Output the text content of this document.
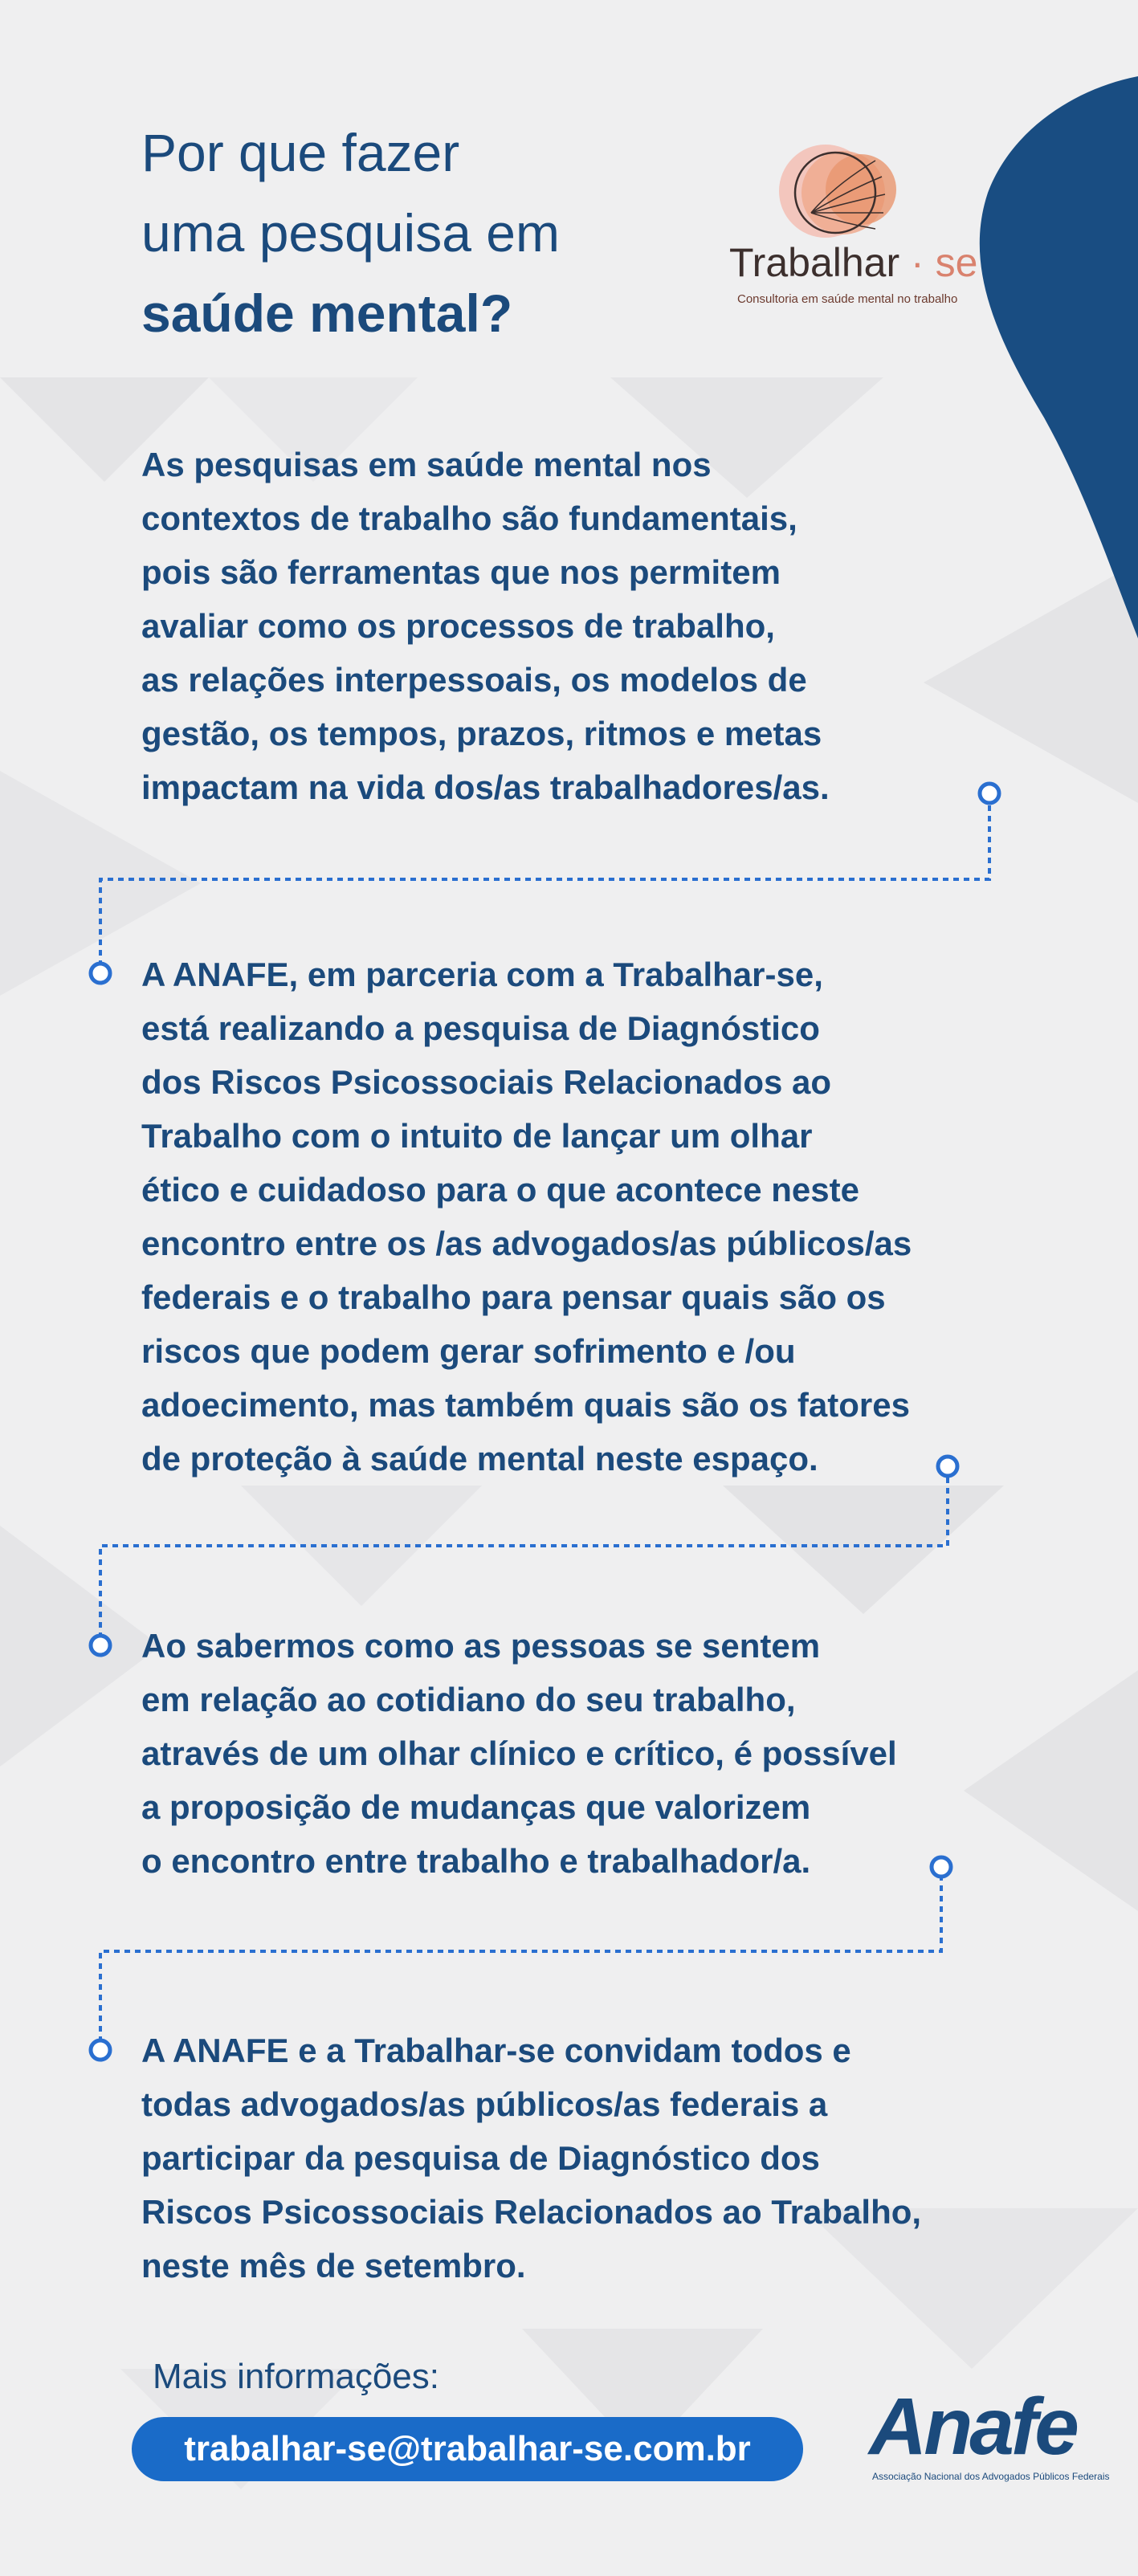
Por que fazer
uma pesquisa em
saúde mental?
Trabalhar · se
Consultoria em saúde mental no trabalho
As pesquisas em saúde mental nos
contextos de trabalho são fundamentais,
pois são ferramentas que nos permitem
avaliar como os processos de trabalho,
as relações interpessoais, os modelos de
gestão, os tempos, prazos, ritmos e metas
impactam na vida dos/as trabalhadores/as.
A ANAFE, em parceria com a Trabalhar-se,
está realizando a pesquisa de Diagnóstico
dos Riscos Psicossociais Relacionados ao
Trabalho com o intuito de lançar um olhar
ético e cuidadoso para o que acontece neste
encontro entre os /as advogados/as públicos/as
federais e o trabalho para pensar quais são os
riscos que podem gerar sofrimento e /ou
adoecimento, mas também quais são os fatores
de proteção à saúde mental neste espaço.
Ao sabermos como as pessoas se sentem
em relação ao cotidiano do seu trabalho,
através de um olhar clínico e crítico, é possível
a proposição de mudanças que valorizem
o encontro entre trabalho e trabalhador/a.
A ANAFE e a Trabalhar-se convidam todos e
todas advogados/as públicos/as federais a
participar da pesquisa de Diagnóstico dos
Riscos Psicossociais Relacionados ao Trabalho,
neste mês de setembro.
Mais informações:
trabalhar-se@trabalhar-se.com.br	Anafe
Associação Nacional dos Advogados Públicos Federais
